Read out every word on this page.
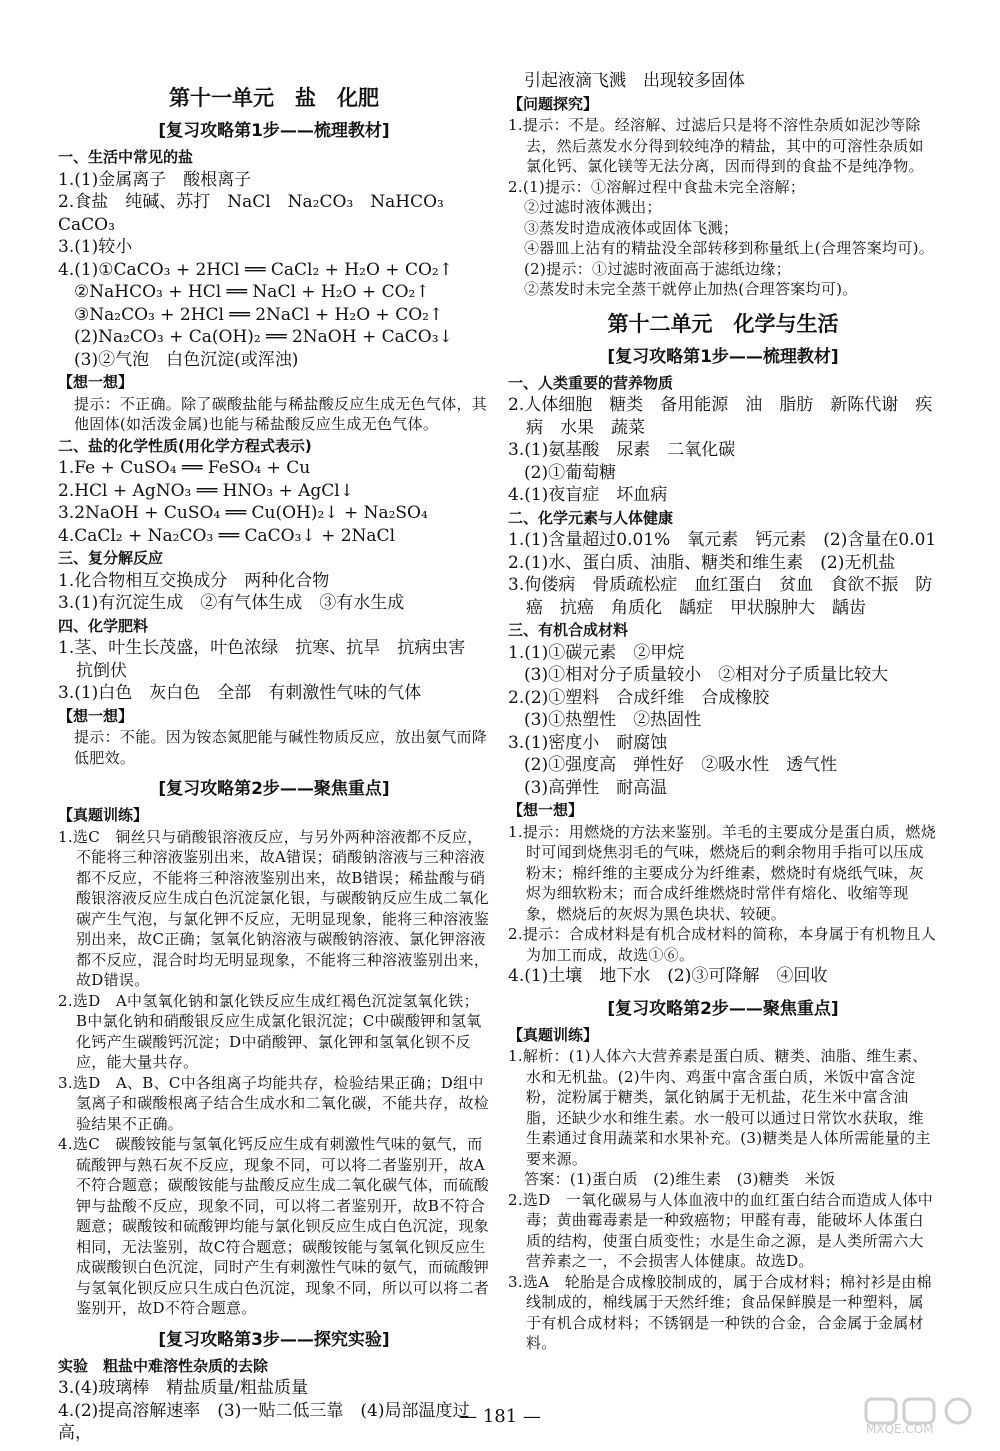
第十一单元　盐　化肥
[复习攻略第1步——梳理教材]
一、生活中常见的盐
1.(1)金属离子　酸根离子
2.食盐　纯碱、苏打　NaCl　Na₂CO₃　NaHCO₃　CaCO₃
3.(1)较小
4.(1)①CaCO₃ + 2HCl ══ CaCl₂ + H₂O + CO₂↑
②NaHCO₃ + HCl ══ NaCl + H₂O + CO₂↑
③Na₂CO₃ + 2HCl ══ 2NaCl + H₂O + CO₂↑
(2)Na₂CO₃ + Ca(OH)₂ ══ 2NaOH + CaCO₃↓
(3)②气泡　白色沉淀(或浑浊)
【想一想】
提示：不正确。除了碳酸盐能与稀盐酸反应生成无色气体，其他固体(如活泼金属)也能与稀盐酸反应生成无色气体。
二、盐的化学性质(用化学方程式表示)
1.Fe + CuSO₄ ══ FeSO₄ + Cu
2.HCl + AgNO₃ ══ HNO₃ + AgCl↓
3.2NaOH + CuSO₄ ══ Cu(OH)₂↓ + Na₂SO₄
4.CaCl₂ + Na₂CO₃ ══ CaCO₃↓ + 2NaCl
三、复分解反应
1.化合物相互交换成分　两种化合物
3.(1)有沉淀生成　②有气体生成　③有水生成
四、化学肥料
1.茎、叶生长茂盛，叶色浓绿　抗寒、抗旱　抗病虫害　抗倒伏
3.(1)白色　灰白色　全部　有刺激性气味的气体
【想一想】
提示：不能。因为铵态氮肥能与碱性物质反应，放出氨气而降低肥效。
[复习攻略第2步——聚焦重点]
【真题训练】
1.选C　铜丝只与硝酸银溶液反应，与另外两种溶液都不反应，不能将三种溶液鉴别出来，故A错误；硝酸钠溶液与三种溶液都不反应，不能将三种溶液鉴别出来，故B错误；稀盐酸与硝酸银溶液反应生成白色沉淀氯化银，与碳酸钠反应生成二氧化碳产生气泡，与氯化钾不反应，无明显现象，能将三种溶液鉴别出来，故C正确；氢氧化钠溶液与碳酸钠溶液、氯化钾溶液都不反应，混合时均无明显现象，不能将三种溶液鉴别出来，故D错误。
2.选D　A中氢氧化钠和氯化铁反应生成红褐色沉淀氢氧化铁；B中氯化钠和硝酸银反应生成氯化银沉淀；C中碳酸钾和氢氧化钙产生碳酸钙沉淀；D中硝酸钾、氯化钾和氢氧化钡不反应，能大量共存。
3.选D　A、B、C中各组离子均能共存，检验结果正确；D组中氢离子和碳酸根离子结合生成水和二氧化碳，不能共存，故检验结果不正确。
4.选C　碳酸铵能与氢氧化钙反应生成有刺激性气味的氨气，而硫酸钾与熟石灰不反应，现象不同，可以将二者鉴别开，故A不符合题意；碳酸铵能与盐酸反应生成二氧化碳气体，而硫酸钾与盐酸不反应，现象不同，可以将二者鉴别开，故B不符合题意；碳酸铵和硫酸钾均能与氯化钡反应生成白色沉淀，现象相同，无法鉴别，故C符合题意；碳酸铵能与氢氧化钡反应生成碳酸钡白色沉淀，同时产生有刺激性气味的氨气，而硫酸钾与氢氧化钡反应只生成白色沉淀，现象不同，所以可以将二者鉴别开，故D不符合题意。
[复习攻略第3步——探究实验]
实验　粗盐中难溶性杂质的去除
3.(4)玻璃棒　精盐质量/粗盐质量
4.(2)提高溶解速率　(3)一贴二低三靠　(4)局部温度过高，
引起液滴飞溅　出现较多固体
【问题探究】
1.提示：不是。经溶解、过滤后只是将不溶性杂质如泥沙等除去，然后蒸发水分得到较纯净的精盐，其中的可溶性杂质如氯化钙、氯化镁等无法分离，因而得到的食盐不是纯净物。
2.(1)提示：①溶解过程中食盐未完全溶解；
②过滤时液体溅出；
③蒸发时造成液体或固体飞溅；
④器皿上沾有的精盐没全部转移到称量纸上(合理答案均可)。
(2)提示：①过滤时液面高于滤纸边缘；
②蒸发时未完全蒸干就停止加热(合理答案均可)。
第十二单元　化学与生活
[复习攻略第1步——梳理教材]
一、人类重要的营养物质
2.人体细胞　糖类　备用能源　油　脂肪　新陈代谢　疾病　水果　蔬菜
3.(1)氨基酸　尿素　二氧化碳
(2)①葡萄糖
4.(1)夜盲症　坏血病
二、化学元素与人体健康
1.(1)含量超过0.01%　氧元素　钙元素　(2)含量在0.01
2.(1)水、蛋白质、油脂、糖类和维生素　(2)无机盐
3.佝偻病　骨质疏松症　血红蛋白　贫血　食欲不振　防癌　抗癌　角质化　龋症　甲状腺肿大　龋齿
三、有机合成材料
1.(1)①碳元素　②甲烷
(3)①相对分子质量较小　②相对分子质量比较大
2.(2)①塑料　合成纤维　合成橡胶
(3)①热塑性　②热固性
3.(1)密度小　耐腐蚀
(2)①强度高　弹性好　②吸水性　透气性
(3)高弹性　耐高温
【想一想】
1.提示：用燃烧的方法来鉴别。羊毛的主要成分是蛋白质，燃烧时可闻到烧焦羽毛的气味，燃烧后的剩余物用手指可以压成粉末；棉纤维的主要成分为纤维素，燃烧时有烧纸气味，灰烬为细软粉末；而合成纤维燃烧时常伴有熔化、收缩等现象，燃烧后的灰烬为黑色块状、较硬。
2.提示：合成材料是有机合成材料的简称，本身属于有机物且人为加工而成，故选①⑥。
4.(1)土壤　地下水　(2)③可降解　④回收
[复习攻略第2步——聚焦重点]
【真题训练】
1.解析：(1)人体六大营养素是蛋白质、糖类、油脂、维生素、水和无机盐。(2)牛肉、鸡蛋中富含蛋白质，米饭中富含淀粉，淀粉属于糖类，氯化钠属于无机盐，花生米中富含油脂，还缺少水和维生素。水一般可以通过日常饮水获取，维生素通过食用蔬菜和水果补充。(3)糖类是人体所需能量的主要来源。
答案：(1)蛋白质　(2)维生素　(3)糖类　米饭
2.选D　一氧化碳易与人体血液中的血红蛋白结合而造成人体中毒；黄曲霉毒素是一种致癌物；甲醛有毒，能破坏人体蛋白质的结构，使蛋白质变性；水是生命之源，是人类所需六大营养素之一，不会损害人体健康。故选D。
3.选A　轮胎是合成橡胶制成的，属于合成材料；棉衬衫是由棉线制成的，棉线属于天然纤维；食品保鲜膜是一种塑料，属于有机合成材料；不锈钢是一种铁的合金，合金属于金属材料。
— 181 —
MXQE.COM
